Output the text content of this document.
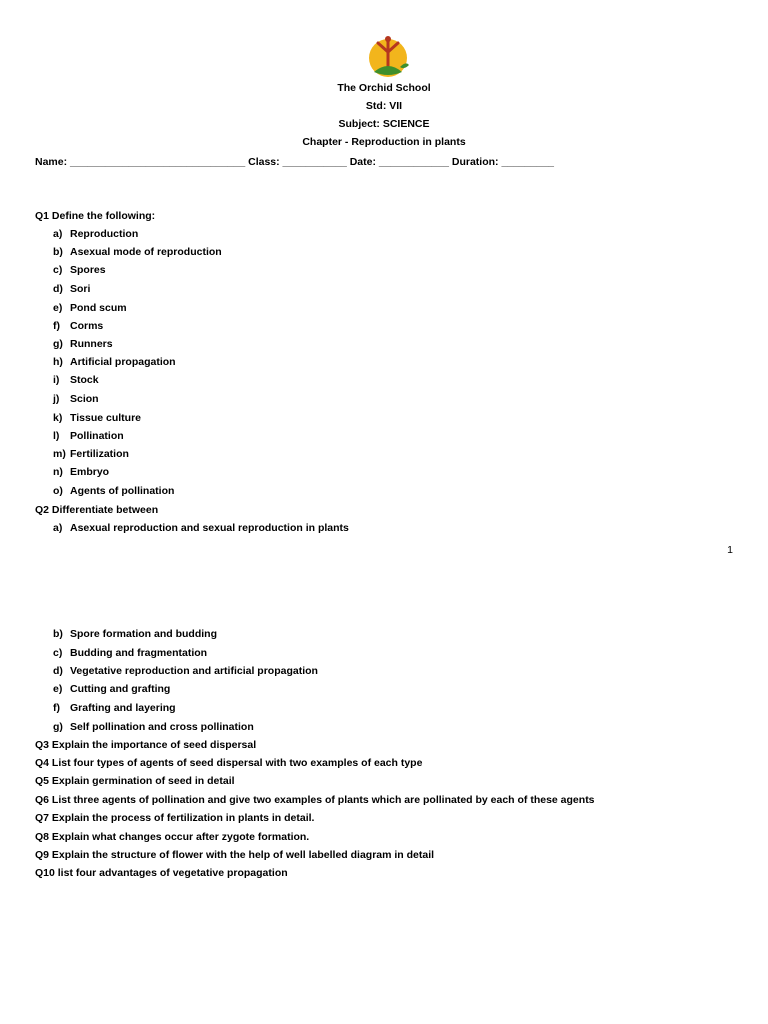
The Orchid School
Std: VII
Subject: SCIENCE
Chapter - Reproduction in plants
Name: ______________________________ Class: ___________ Date: ____________ Duration: _________
Q1 Define the following:
a) Reproduction
b) Asexual mode of reproduction
c) Spores
d) Sori
e) Pond scum
f) Corms
g) Runners
h) Artificial propagation
i) Stock
j) Scion
k) Tissue culture
l) Pollination
m) Fertilization
n) Embryo
o) Agents of pollination
Q2 Differentiate between
a) Asexual reproduction and sexual reproduction in plants
1
b) Spore formation and budding
c) Budding and fragmentation
d) Vegetative reproduction and artificial propagation
e) Cutting and grafting
f) Grafting and layering
g) Self pollination and cross pollination
Q3 Explain the importance of seed dispersal
Q4 List four types of agents of seed dispersal with two examples of each type
Q5 Explain germination of seed in detail
Q6 List three agents of pollination and give two examples of plants which are pollinated by each of these agents
Q7 Explain the process of fertilization in plants in detail.
Q8 Explain what changes occur after zygote formation.
Q9 Explain the structure of flower with the help of well labelled diagram in detail
Q10 list four advantages of vegetative propagation
